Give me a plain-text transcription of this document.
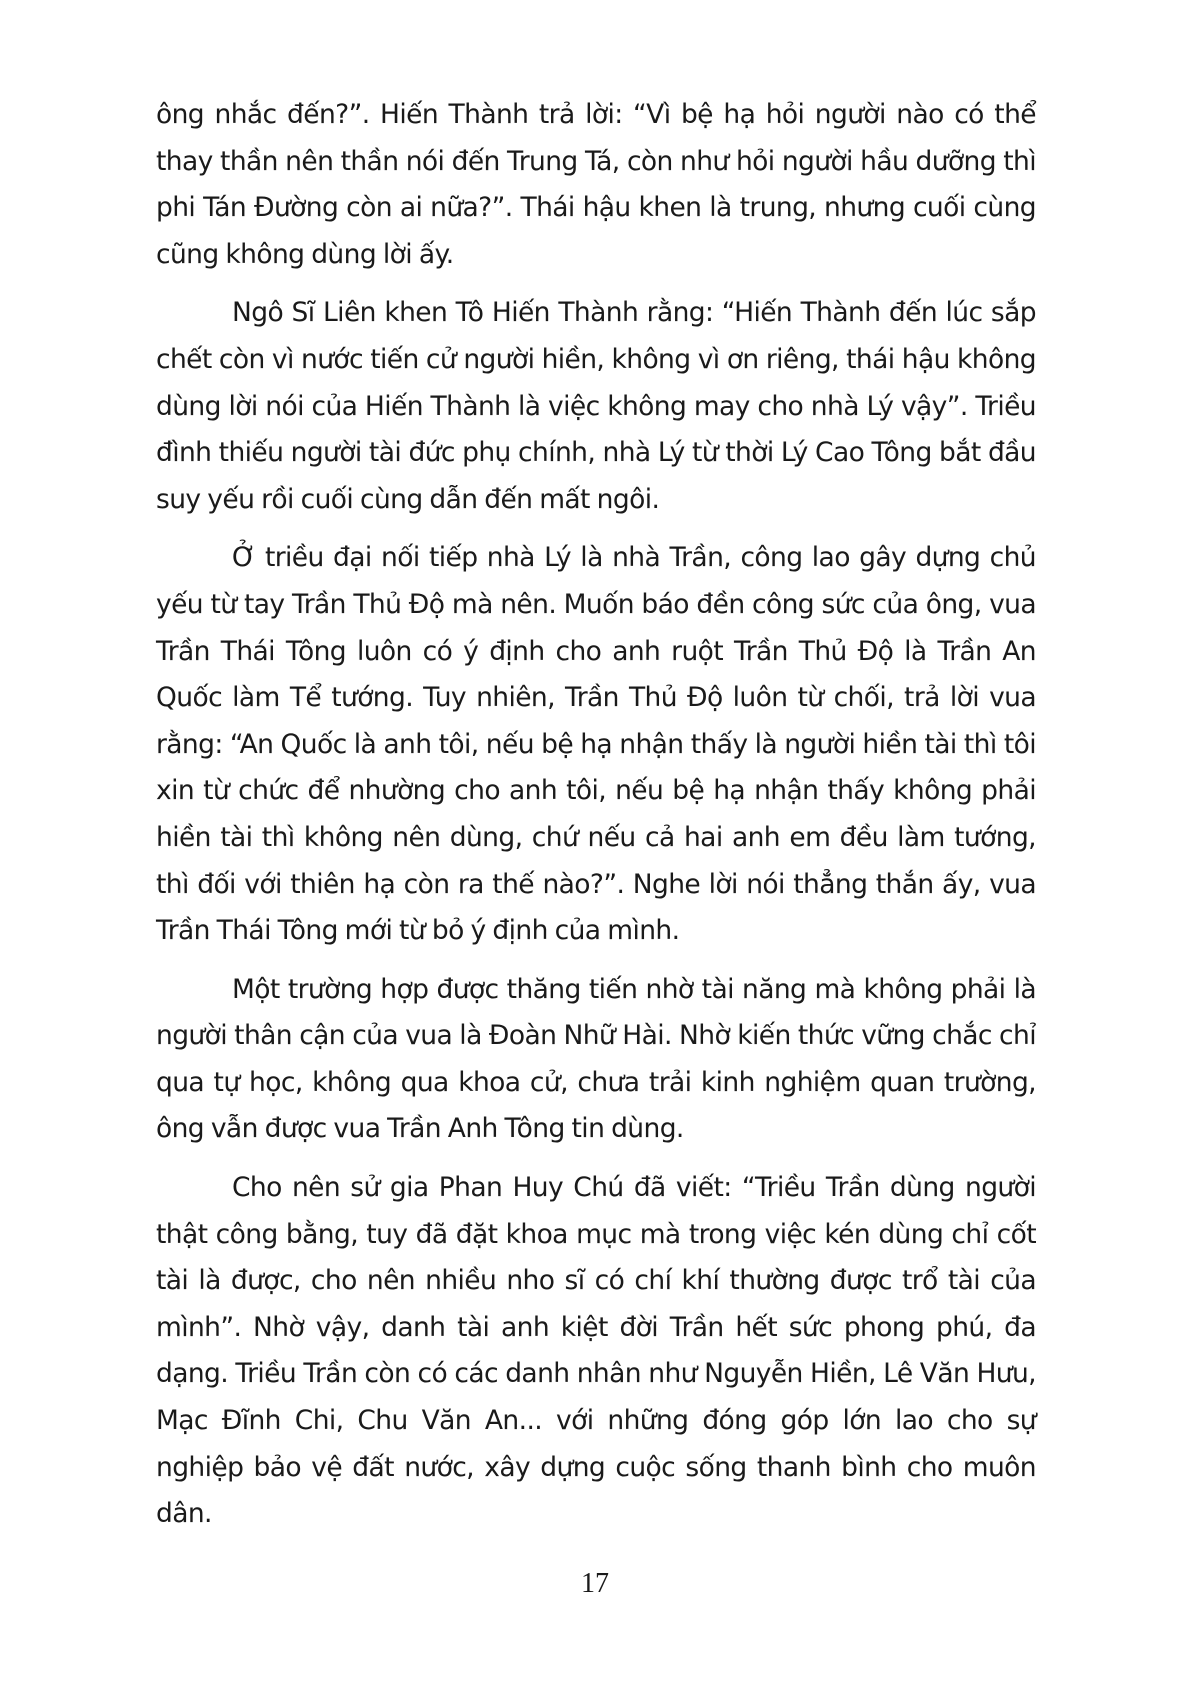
ông nhắc đến?”. Hiến Thành trả lời: “Vì bệ hạ hỏi người nào có thể thay thần nên thần nói đến Trung Tá, còn như hỏi người hầu dưỡng thì phi Tán Đường còn ai nữa?”. Thái hậu khen là trung, nhưng cuối cùng cũng không dùng lời ấy.

Ngô Sĩ Liên khen Tô Hiến Thành rằng: “Hiến Thành đến lúc sắp chết còn vì nước tiến cử người hiền, không vì ơn riêng, thái hậu không dùng lời nói của Hiến Thành là việc không may cho nhà Lý vậy”. Triều đình thiếu người tài đức phụ chính, nhà Lý từ thời Lý Cao Tông bắt đầu suy yếu rồi cuối cùng dẫn đến mất ngôi.

Ở triều đại nối tiếp nhà Lý là nhà Trần, công lao gây dựng chủ yếu từ tay Trần Thủ Độ mà nên. Muốn báo đền công sức của ông, vua Trần Thái Tông luôn có ý định cho anh ruột Trần Thủ Độ là Trần An Quốc làm Tể tướng. Tuy nhiên, Trần Thủ Độ luôn từ chối, trả lời vua rằng: “An Quốc là anh tôi, nếu bệ hạ nhận thấy là người hiền tài thì tôi xin từ chức để nhường cho anh tôi, nếu bệ hạ nhận thấy không phải hiền tài thì không nên dùng, chứ nếu cả hai anh em đều làm tướng, thì đối với thiên hạ còn ra thế nào?”. Nghe lời nói thẳng thắn ấy, vua Trần Thái Tông mới từ bỏ ý định của mình.

Một trường hợp được thăng tiến nhờ tài năng mà không phải là người thân cận của vua là Đoàn Nhữ Hài. Nhờ kiến thức vững chắc chỉ qua tự học, không qua khoa cử, chưa trải kinh nghiệm quan trường, ông vẫn được vua Trần Anh Tông tin dùng.

Cho nên sử gia Phan Huy Chú đã viết: “Triều Trần dùng người thật công bằng, tuy đã đặt khoa mục mà trong việc kén dùng chỉ cốt tài là được, cho nên nhiều nho sĩ có chí khí thường được trổ tài của mình”. Nhờ vậy, danh tài anh kiệt đời Trần hết sức phong phú, đa dạng. Triều Trần còn có các danh nhân như Nguyễn Hiền, Lê Văn Hưu, Mạc Đĩnh Chi, Chu Văn An... với những đóng góp lớn lao cho sự nghiệp bảo vệ đất nước, xây dựng cuộc sống thanh bình cho muôn dân.

17
